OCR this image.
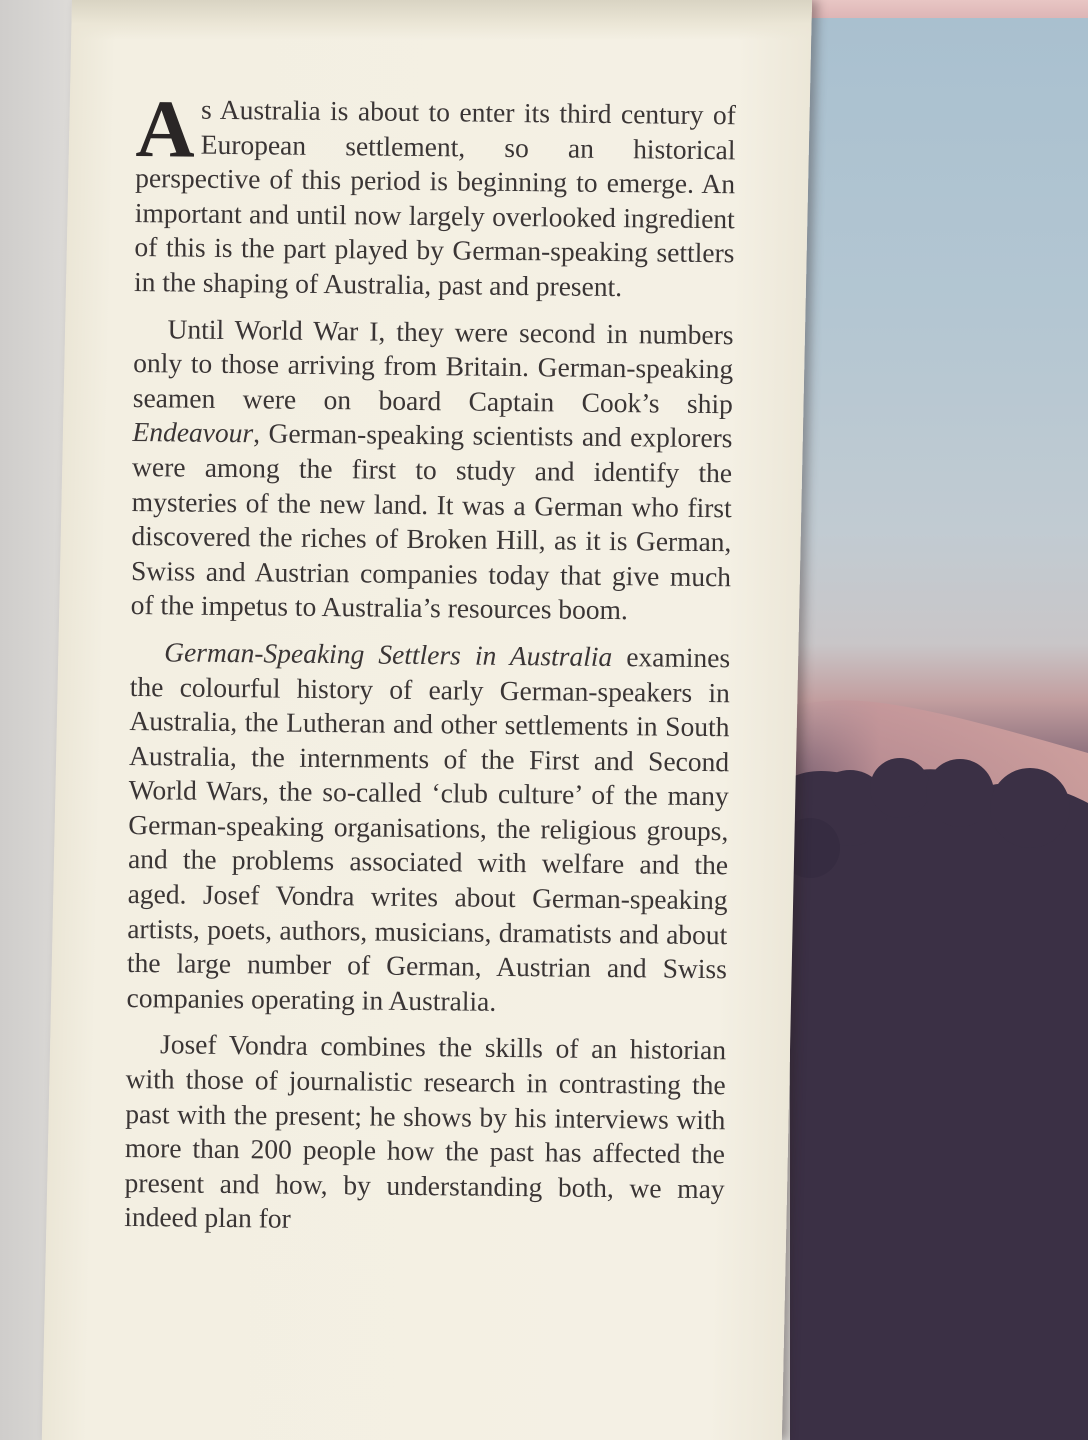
As Australia is about to enter its third century of European settlement, so an historical perspective of this period is beginning to emerge. An important and until now largely overlooked ingredient of this is the part played by German-speaking settlers in the shaping of Australia, past and present.

Until World War I, they were second in numbers only to those arriving from Britain. German-speaking seamen were on board Captain Cook’s ship Endeavour, German-speaking scientists and explorers were among the first to study and identify the mysteries of the new land. It was a German who first discovered the riches of Broken Hill, as it is German, Swiss and Austrian companies today that give much of the impetus to Australia’s resources boom.

German-Speaking Settlers in Australia examines the colourful history of early German-speakers in Australia, the Lutheran and other settlements in South Australia, the internments of the First and Second World Wars, the so-called ‘club culture’ of the many German-speaking organisations, the religious groups, and the problems associated with welfare and the aged. Josef Vondra writes about German-speaking artists, poets, authors, musicians, dramatists and about the large number of German, Austrian and Swiss companies operating in Australia.

Josef Vondra combines the skills of an historian with those of journalistic research in contrasting the past with the present; he shows by his interviews with more than 200 people how the past has affected the present and how, by understanding both, we may indeed plan for
